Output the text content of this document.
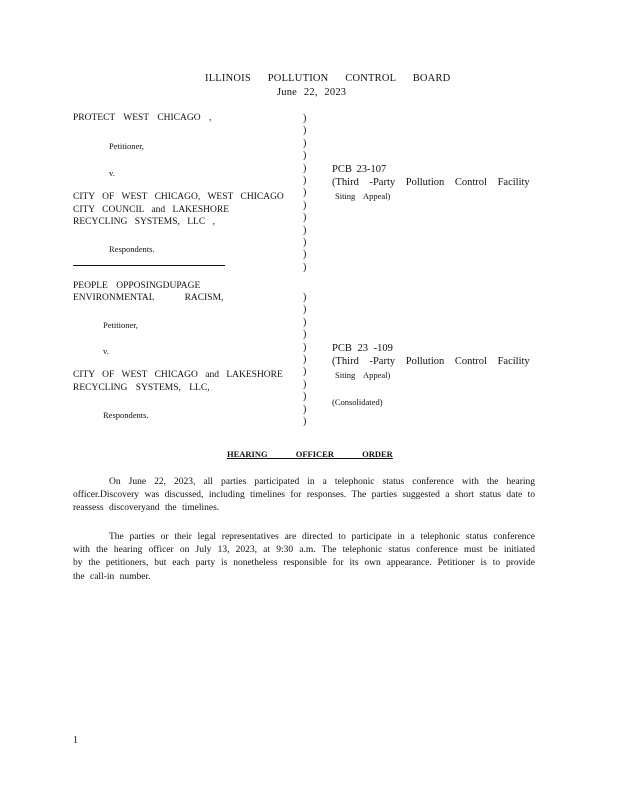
ILLINOIS POLLUTION CONTROL BOARD
June 22, 2023
PROTECT WEST CHICAGO ,
Petitioner,
v.
CITY OF WEST CHICAGO, WEST CHICAGO
CITY COUNCIL and LAKESHORE
RECYCLING SYSTEMS, LLC ,
Respondents.
)
)
)
)
)
)
)
)
)
)
)
)
)
PCB 23-107
(Third -Party Pollution Control Facility
Siting Appeal)
PEOPLE OPPOSINGDUPAGE
ENVIRONMENTAL RACISM,
Petitioner,
v.
CITY OF WEST CHICAGO and LAKESHORE
RECYCLING SYSTEMS, LLC,
Respondents.
)
)
)
)
)
)
)
)
)
)
)
PCB 23 -109
(Third -Party Pollution Control Facility
Siting Appeal)
(Consolidated)
HEARING OFFICER ORDER
On June 22, 2023, all parties participated in a telephonic status conference with the hearing officer.Discovery was discussed, including timelines for responses. The parties suggested a short status date to reassess discoveryand the timelines.
The parties or their legal representatives are directed to participate in a telephonic status conference with the hearing officer on July 13, 2023, at 9:30 a.m. The telephonic status conference must be initiated by the petitioners, but each party is nonetheless responsible for its own appearance. Petitioner is to provide the call-in number.
1
